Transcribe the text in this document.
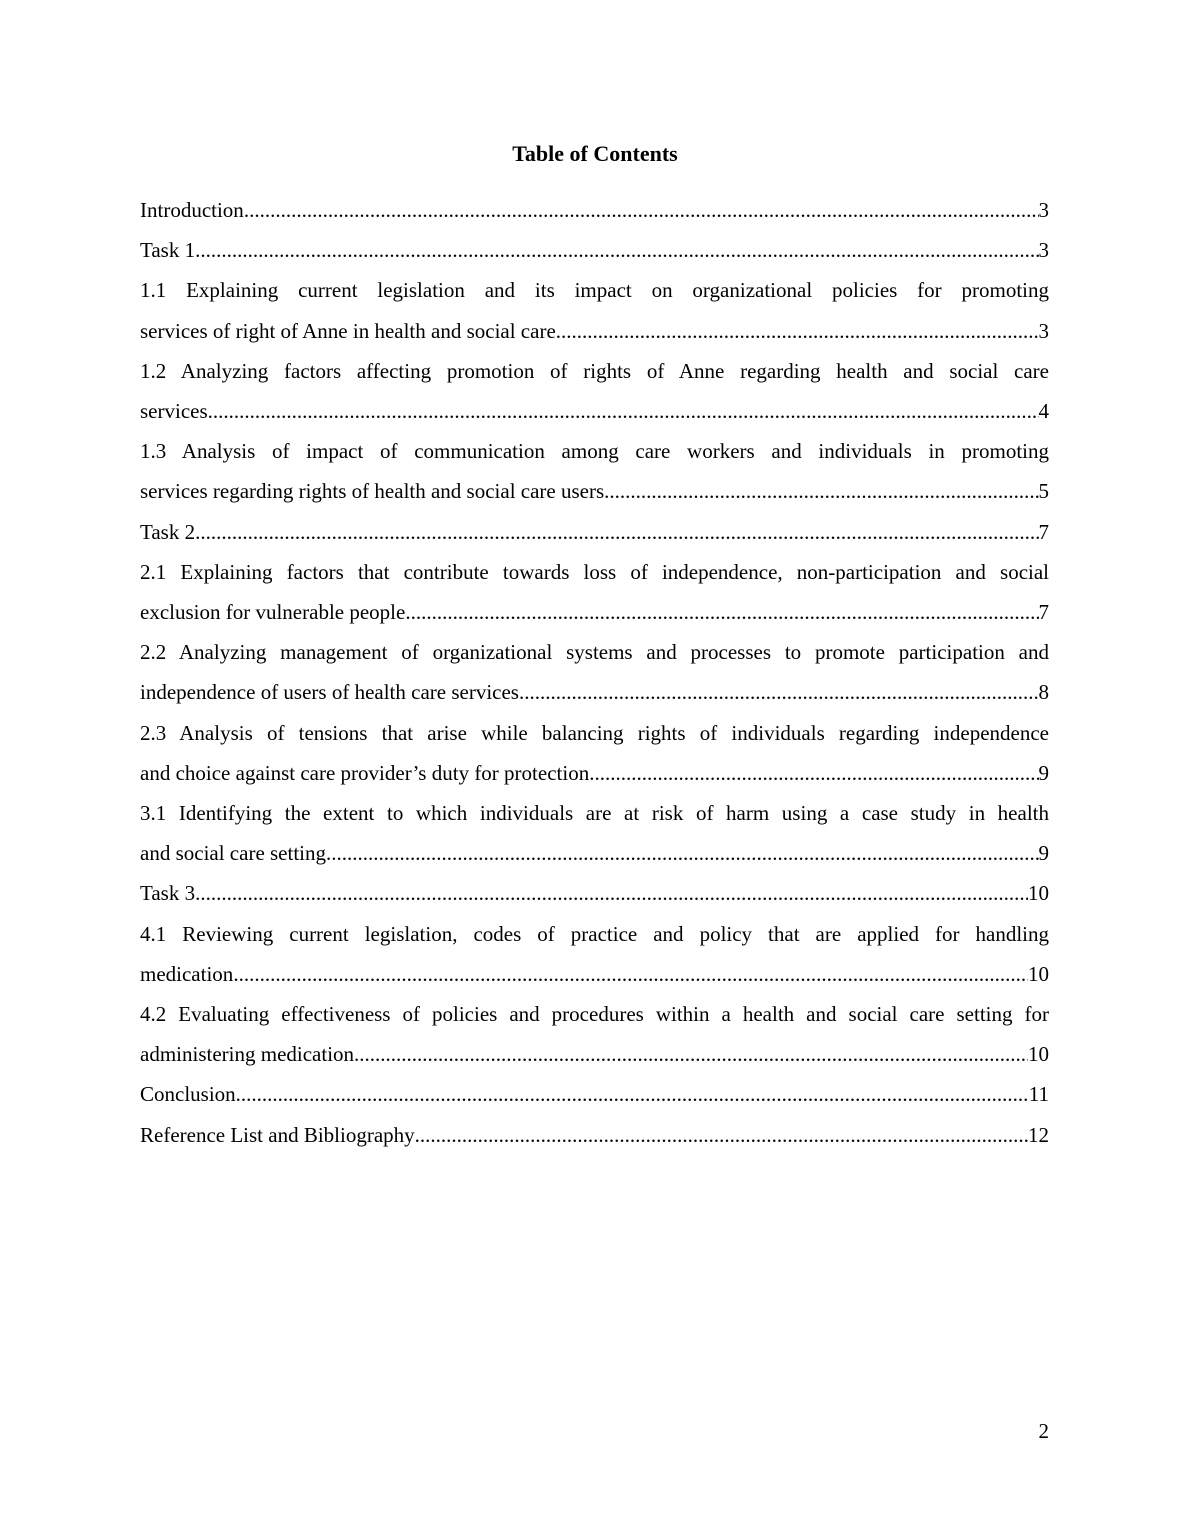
Table of Contents
Introduction .....	3
Task 1 .....	3
1.1 Explaining current legislation and its impact on organizational policies for promoting
services of right of Anne in health and social care .....	3
1.2 Analyzing factors affecting promotion of rights of Anne regarding health and social care
services .....	4
1.3 Analysis of impact of communication among care workers and individuals in promoting
services regarding rights of health and social care users .....	5
Task 2 .....	7
2.1 Explaining factors that contribute towards loss of independence, non-participation and social
exclusion for vulnerable people .....	7
2.2 Analyzing management of organizational systems and processes to promote participation and
independence of users of health care services .....	8
2.3 Analysis of tensions that arise while balancing rights of individuals regarding independence
and choice against care provider’s duty for protection .....	9
3.1 Identifying the extent to which individuals are at risk of harm using a case study in health
and social care setting .....	9
Task 3 .....	10
4.1 Reviewing current legislation, codes of practice and policy that are applied for handling
medication .....	10
4.2 Evaluating effectiveness of policies and procedures within a health and social care setting for
administering medication .....	10
Conclusion .....	11
Reference List and Bibliography .....	12
2
